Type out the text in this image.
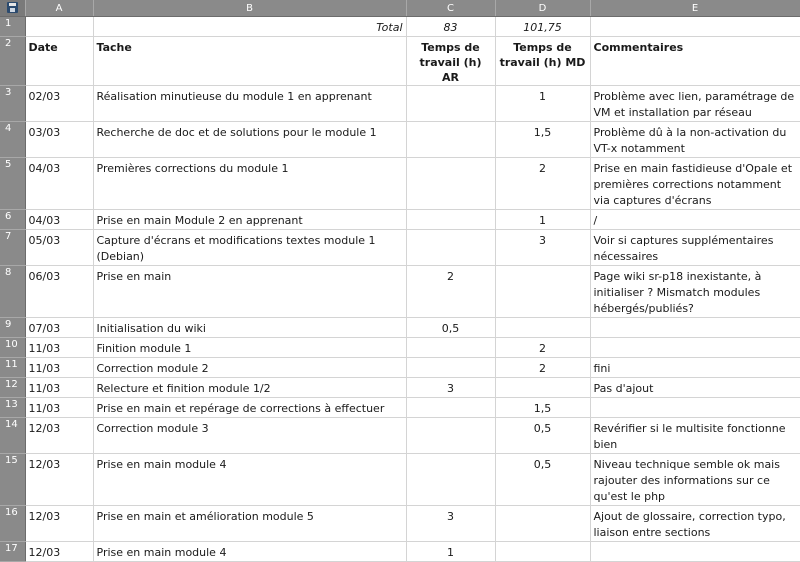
	A	B	C	D	E
1		Total	83	101,75	
2	Date	Tache	Temps de travail (h) AR	Temps de travail (h) MD	Commentaires
3	02/03	Réalisation minutieuse du module 1 en apprenant		1	Problème avec lien, paramétrage de VM et installation par réseau
4	03/03	Recherche de doc et de solutions pour le module 1		1,5	Problème dû à la non-activation du VT-x notamment
5	04/03	Premières corrections du module 1		2	Prise en main fastidieuse d'Opale et premières corrections notamment via captures d'écrans
6	04/03	Prise en main Module 2 en apprenant		1	/
7	05/03	Capture d'écrans et modifications textes module 1 (Debian)		3	Voir si captures supplémentaires nécessaires
8	06/03	Prise en main	2		Page wiki sr-p18 inexistante, à initialiser ? Mismatch modules hébergés/publiés?
9	07/03	Initialisation du wiki	0,5		
10	11/03	Finition module 1		2	
11	11/03	Correction module 2		2	fini
12	11/03	Relecture et finition module 1/2	3		Pas d'ajout
13	11/03	Prise en main et repérage de corrections à effectuer		1,5	
14	12/03	Correction module 3		0,5	Revérifier si le multisite fonctionne bien
15	12/03	Prise en main module 4		0,5	Niveau technique semble ok mais rajouter des informations sur ce qu'est le php
16	12/03	Prise en main et amélioration module 5	3		Ajout de glossaire, correction typo, liaison entre sections
17	12/03	Prise en main module 4	1		
